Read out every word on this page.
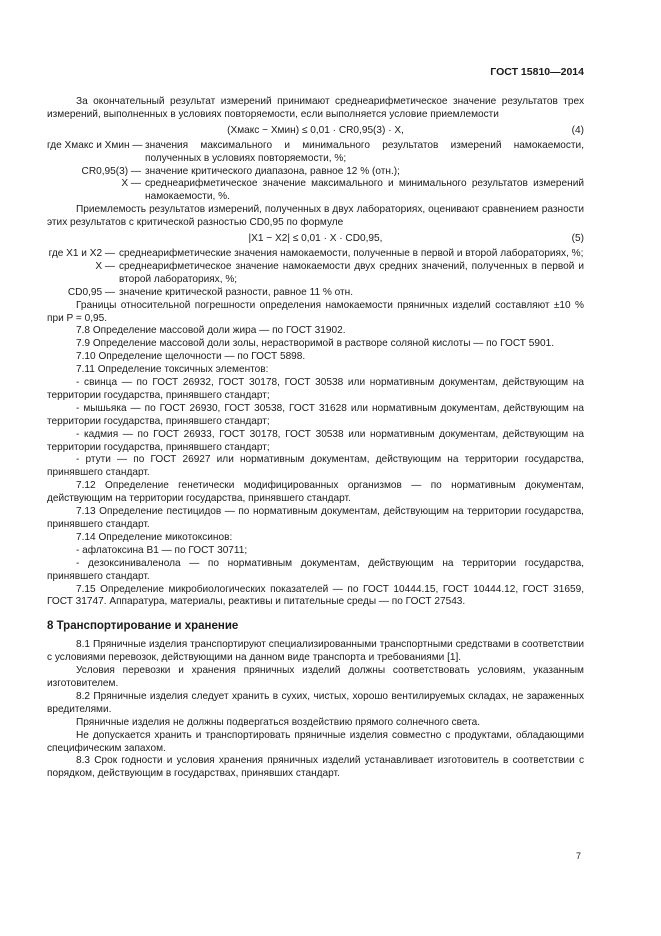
ГОСТ 15810—2014

За окончательный результат измерений принимают среднеарифметическое значение результатов трех измерений, выполненных в условиях повторяемости, если выполняется условие приемлемости

(Xмакс − Xмин) ≤ 0,01 · CR0,95(3) · X,	(4)
где Xмакс и Xмин — значения максимального и минимального результатов измерений намокаемости, полученных в условиях повторяемости, %;
CR0,95(3) — значение критического диапазона, равное 12 % (отн.);
X — среднеарифметическое значение максимального и минимального результатов измерений намокаемости, %.

Приемлемость результатов измерений, полученных в двух лабораториях, оценивают сравнением разности этих результатов с критической разностью CD0,95 по формуле

|X1 − X2| ≤ 0,01 · X · CD0,95,	(5)
где X1 и X2 — среднеарифметические значения намокаемости, полученные в первой и второй лабораториях, %;
X — среднеарифметическое значение намокаемости двух средних значений, полученных в первой и второй лабораториях, %;
CD0,95 — значение критической разности, равное 11 % отн.

Границы относительной погрешности определения намокаемости пряничных изделий составляют ±10 % при P = 0,95.

7.8 Определение массовой доли жира — по ГОСТ 31902.

7.9 Определение массовой доли золы, нерастворимой в растворе соляной кислоты — по ГОСТ 5901.

7.10 Определение щелочности — по ГОСТ 5898.

7.11 Определение токсичных элементов:

- свинца — по ГОСТ 26932, ГОСТ 30178, ГОСТ 30538 или нормативным документам, действующим на территории государства, принявшего стандарт;

- мышьяка — по ГОСТ 26930, ГОСТ 30538, ГОСТ 31628 или нормативным документам, действующим на территории государства, принявшего стандарт;

- кадмия — по ГОСТ 26933, ГОСТ 30178, ГОСТ 30538 или нормативным документам, действующим на территории государства, принявшего стандарт;

- ртути — по ГОСТ 26927 или нормативным документам, действующим на территории государства, принявшего стандарт.

7.12 Определение генетически модифицированных организмов — по нормативным документам, действующим на территории государства, принявшего стандарт.

7.13 Определение пестицидов — по нормативным документам, действующим на территории государства, принявшего стандарт.

7.14 Определение микотоксинов:

- афлатоксина B1 — по ГОСТ 30711;

- дезоксиниваленола — по нормативным документам, действующим на территории государства, принявшего стандарт.

7.15 Определение микробиологических показателей — по ГОСТ 10444.15, ГОСТ 10444.12, ГОСТ 31659, ГОСТ 31747. Аппаратура, материалы, реактивы и питательные среды — по ГОСТ 27543.

8 Транспортирование и хранение

8.1 Пряничные изделия транспортируют специализированными транспортными средствами в соответствии с условиями перевозок, действующими на данном виде транспорта и требованиями [1].

Условия перевозки и хранения пряничных изделий должны соответствовать условиям, указанным изготовителем.

8.2 Пряничные изделия следует хранить в сухих, чистых, хорошо вентилируемых складах, не зараженных вредителями.

Пряничные изделия не должны подвергаться воздействию прямого солнечного света.

Не допускается хранить и транспортировать пряничные изделия совместно с продуктами, обладающими специфическим запахом.

8.3 Срок годности и условия хранения пряничных изделий устанавливает изготовитель в соответствии с порядком, действующим в государствах, принявших стандарт.

7
